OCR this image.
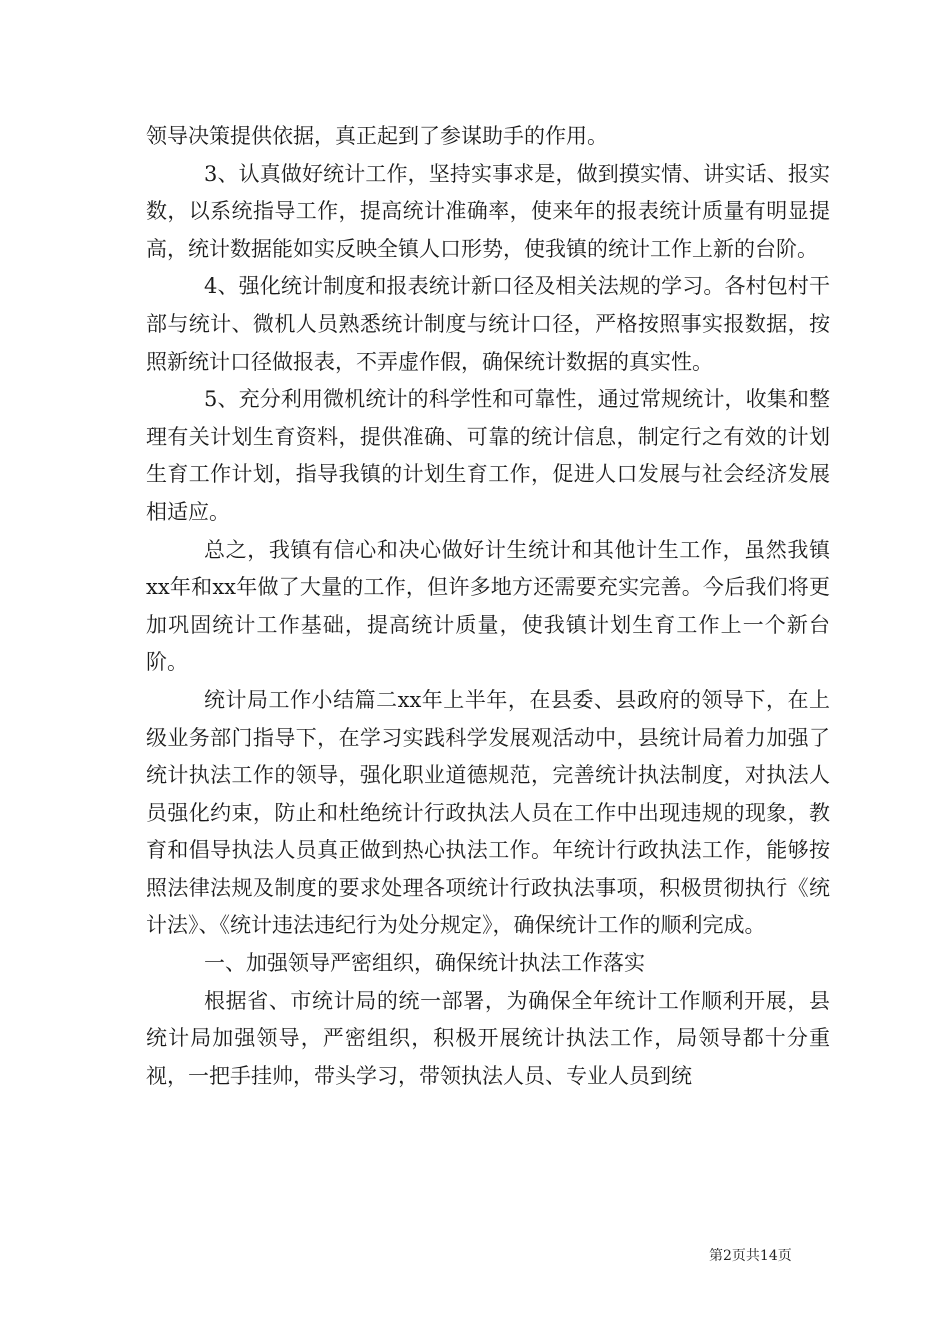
领导决策提供依据，真正起到了参谋助手的作用。

3、认真做好统计工作，坚持实事求是，做到摸实情、讲实话、报实数，以系统指导工作，提高统计准确率，使来年的报表统计质量有明显提高，统计数据能如实反映全镇人口形势，使我镇的统计工作上新的台阶。

4、强化统计制度和报表统计新口径及相关法规的学习。各村包村干部与统计、微机人员熟悉统计制度与统计口径，严格按照事实报数据，按照新统计口径做报表，不弄虚作假，确保统计数据的真实性。

5、充分利用微机统计的科学性和可靠性，通过常规统计，收集和整理有关计划生育资料，提供准确、可靠的统计信息，制定行之有效的计划生育工作计划，指导我镇的计划生育工作，促进人口发展与社会经济发展相适应。

总之，我镇有信心和决心做好计生统计和其他计生工作，虽然我镇xx年和xx年做了大量的工作，但许多地方还需要充实完善。今后我们将更加巩固统计工作基础，提高统计质量，使我镇计划生育工作上一个新台阶。

统计局工作小结篇二xx年上半年，在县委、县政府的领导下，在上级业务部门指导下，在学习实践科学发展观活动中，县统计局着力加强了统计执法工作的领导，强化职业道德规范，完善统计执法制度，对执法人员强化约束，防止和杜绝统计行政执法人员在工作中出现违规的现象，教育和倡导执法人员真正做到热心执法工作。年统计行政执法工作，能够按照法律法规及制度的要求处理各项统计行政执法事项，积极贯彻执行《统计法》、《统计违法违纪行为处分规定》，确保统计工作的顺利完成。

一、加强领导严密组织，确保统计执法工作落实

根据省、市统计局的统一部署，为确保全年统计工作顺利开展，县统计局加强领导，严密组织，积极开展统计执法工作，局领导都十分重视，一把手挂帅，带头学习，带领执法人员、专业人员到统

第2页共14页
